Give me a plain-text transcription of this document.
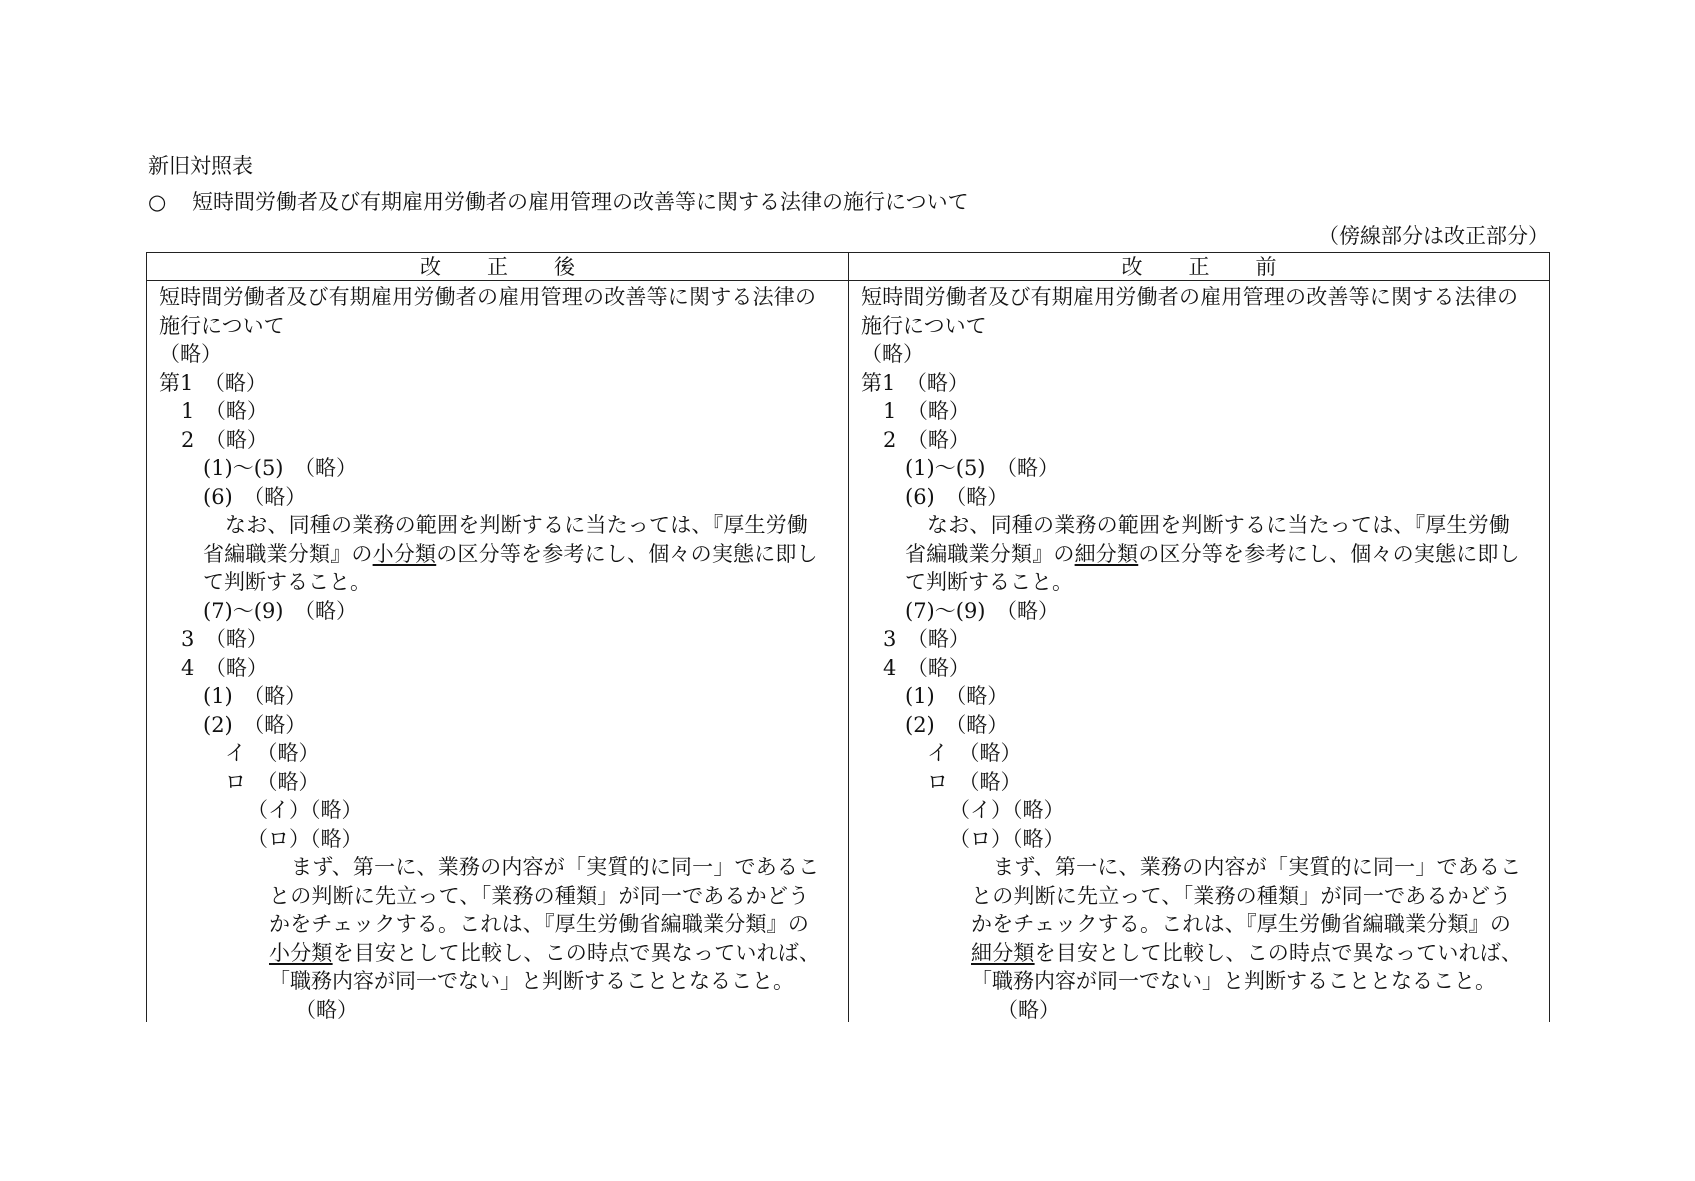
新旧対照表
○ 短時間労働者及び有期雇用労働者の雇用管理の改善等に関する法律の施行について
（傍線部分は改正部分）
改正後	改正前
短時間労働者及び有期雇用労働者の雇用管理の改善等に関する法律の
施行について
（略）
第1　（略）
1　（略）
2　（略）
(1)～(5)　（略）
(6)　（略）
なお、同種の業務の範囲を判断するに当たっては、『厚生労働
省編職業分類』の小分類の区分等を参考にし、個々の実態に即し
て判断すること。
(7)～(9)　（略）
3　（略）
4　（略）
(1)　（略）
(2)　（略）
イ　（略）
ロ　（略）
（イ）（略）
（ロ）（略）
まず、第一に、業務の内容が「実質的に同一」であるこ
との判断に先立って、「業務の種類」が同一であるかどう
かをチェックする。これは、『厚生労働省編職業分類』の
小分類を目安として比較し、この時点で異なっていれば、
「職務内容が同一でない」と判断することとなること。
（略）
短時間労働者及び有期雇用労働者の雇用管理の改善等に関する法律の
施行について
（略）
第1　（略）
1　（略）
2　（略）
(1)～(5)　（略）
(6)　（略）
なお、同種の業務の範囲を判断するに当たっては、『厚生労働
省編職業分類』の細分類の区分等を参考にし、個々の実態に即し
て判断すること。
(7)～(9)　（略）
3　（略）
4　（略）
(1)　（略）
(2)　（略）
イ　（略）
ロ　（略）
（イ）（略）
（ロ）（略）
まず、第一に、業務の内容が「実質的に同一」であるこ
との判断に先立って、「業務の種類」が同一であるかどう
かをチェックする。これは、『厚生労働省編職業分類』の
細分類を目安として比較し、この時点で異なっていれば、
「職務内容が同一でない」と判断することとなること。
（略）
